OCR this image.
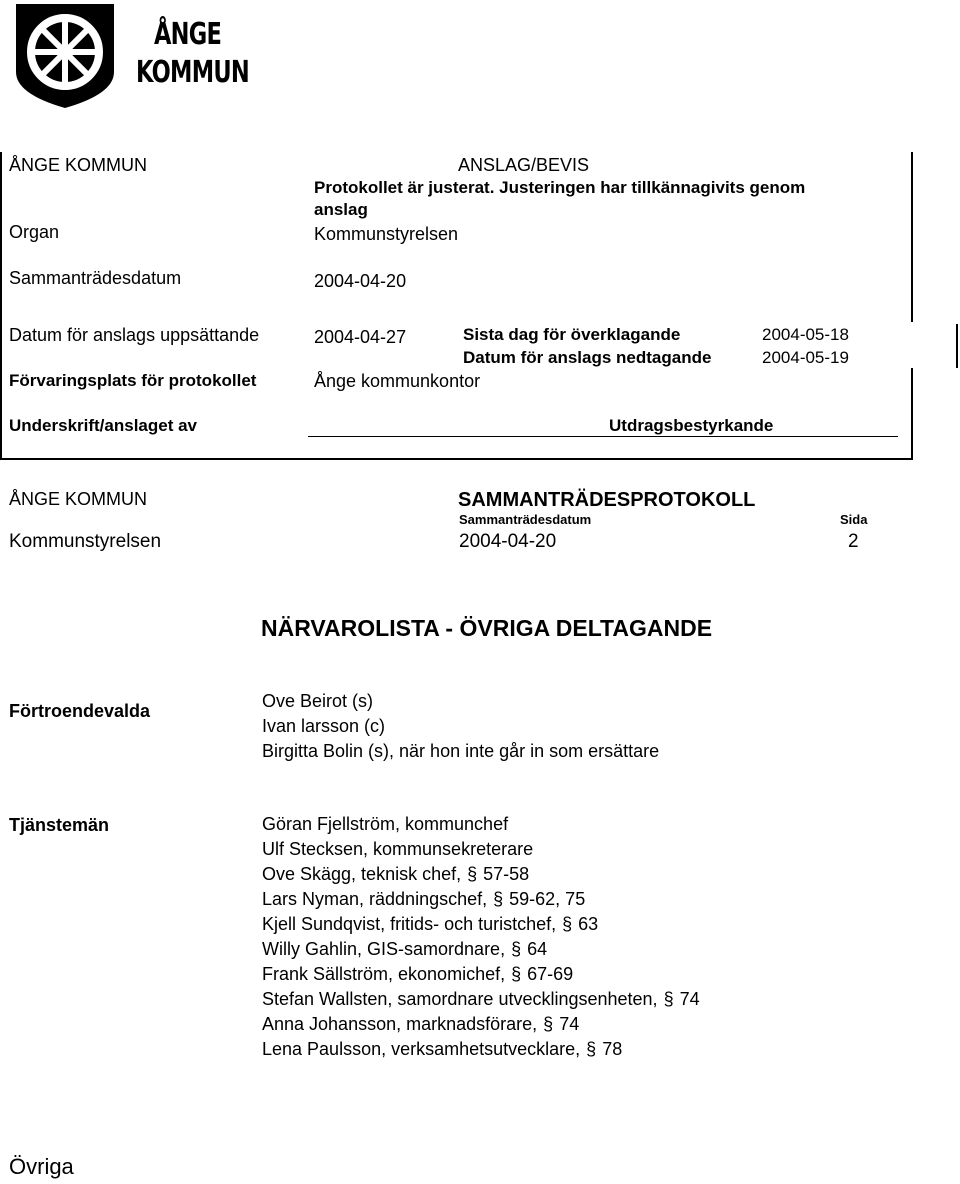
ÅNGE
KOMMUN
ÅNGE KOMMUN	ANSLAG/BEVIS
Protokollet är justerat. Justeringen har tillkännagivits genom
anslag
Organ	Kommunstyrelsen
Sammanträdesdatum	2004-04-20
Datum för anslags uppsättande	2004-04-27	Sista dag för överklagande	2004-05-18
Datum för anslags nedtagande	2004-05-19
Förvaringsplats för protokollet	Ånge kommunkontor
Underskrift/anslaget av	Utdragsbestyrkande
ÅNGE KOMMUN	SAMMANTRÄDESPROTOKOLL
Sammanträdesdatum	Sida
Kommunstyrelsen	2004-04-20	2
NÄRVAROLISTA - ÖVRIGA DELTAGANDE
Förtroendevalda	Ove Beirot (s)
Ivan larsson (c)
Birgitta Bolin (s), när hon inte går in som ersättare
Tjänstemän	Göran Fjellström, kommunchef
Ulf Stecksen, kommunsekreterare
Ove Skägg, teknisk chef, § 57-58
Lars Nyman, räddningschef, § 59-62, 75
Kjell Sundqvist, fritids- och turistchef, § 63
Willy Gahlin, GIS-samordnare, § 64
Frank Sällström, ekonomichef, § 67-69
Stefan Wallsten, samordnare utvecklingsenheten, § 74
Anna Johansson, marknadsförare, § 74
Lena Paulsson, verksamhetsutvecklare, § 78
Övriga
